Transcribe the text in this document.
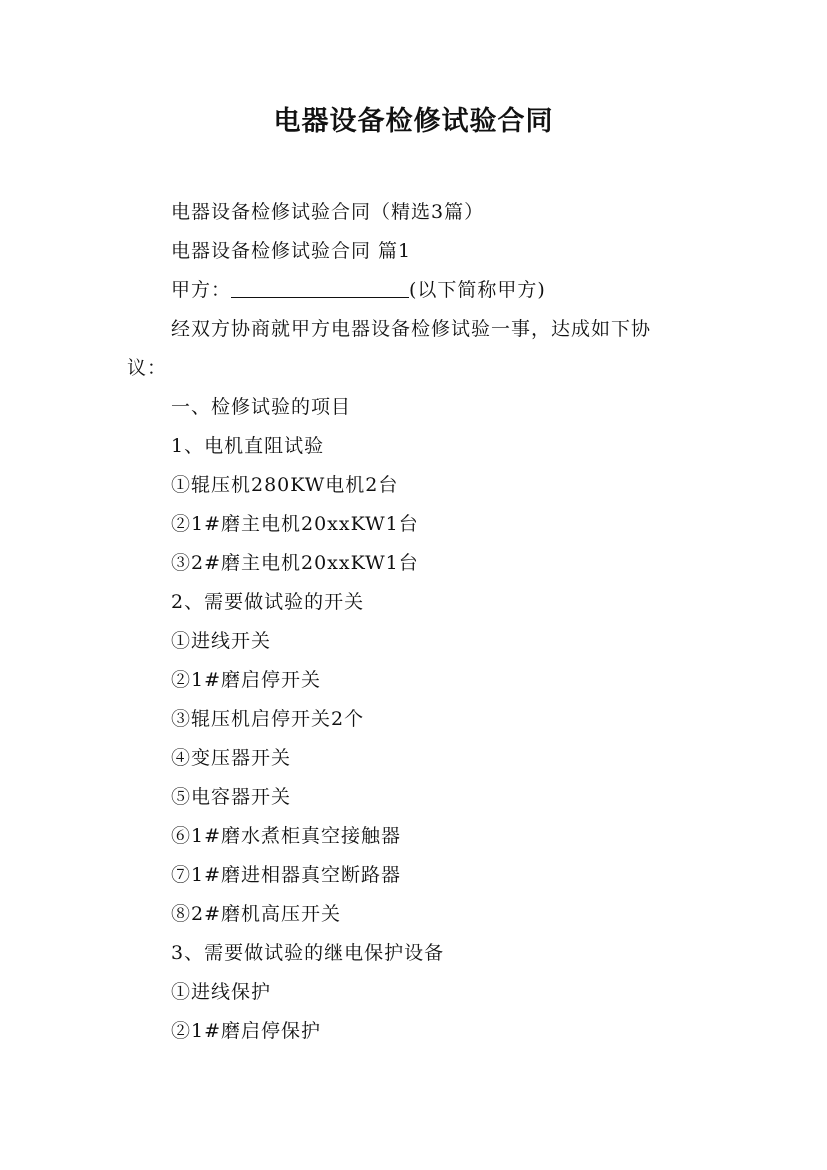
电器设备检修试验合同
电器设备检修试验合同（精选3篇）
电器设备检修试验合同 篇1
甲方：	(以下简称甲方)
经双方协商就甲方电器设备检修试验一事，达成如下协
议：
一、检修试验的项目
1、电机直阻试验
①辊压机280KW电机2台
②1#磨主电机20xxKW1台
③2#磨主电机20xxKW1台
2、需要做试验的开关
①进线开关
②1#磨启停开关
③辊压机启停开关2个
④变压器开关
⑤电容器开关
⑥1#磨水煮柜真空接触器
⑦1#磨进相器真空断路器
⑧2#磨机高压开关
3、需要做试验的继电保护设备
①进线保护
②1#磨启停保护
